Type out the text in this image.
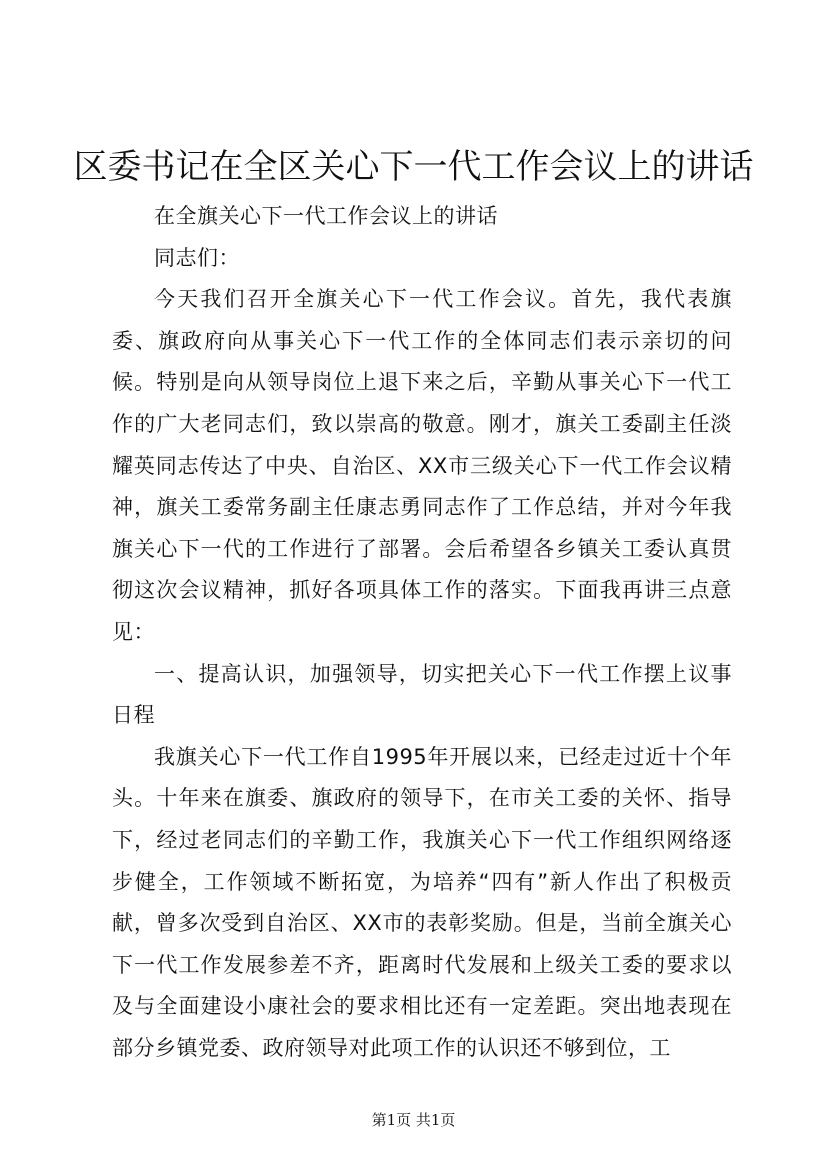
区委书记在全区关心下一代工作会议上的讲话

在全旗关心下一代工作会议上的讲话

同志们：

今天我们召开全旗关心下一代工作会议。首先，我代表旗委、旗政府向从事关心下一代工作的全体同志们表示亲切的问候。特别是向从领导岗位上退下来之后，辛勤从事关心下一代工作的广大老同志们，致以崇高的敬意。刚才，旗关工委副主任淡耀英同志传达了中央、自治区、XX市三级关心下一代工作会议精神，旗关工委常务副主任康志勇同志作了工作总结，并对今年我旗关心下一代的工作进行了部署。会后希望各乡镇关工委认真贯彻这次会议精神，抓好各项具体工作的落实。下面我再讲三点意见：

一、提高认识，加强领导，切实把关心下一代工作摆上议事日程

我旗关心下一代工作自1995年开展以来，已经走过近十个年头。十年来在旗委、旗政府的领导下，在市关工委的关怀、指导下，经过老同志们的辛勤工作，我旗关心下一代工作组织网络逐步健全，工作领域不断拓宽，为培养“四有”新人作出了积极贡献，曾多次受到自治区、XX市的表彰奖励。但是，当前全旗关心下一代工作发展参差不齐，距离时代发展和上级关工委的要求以及与全面建设小康社会的要求相比还有一定差距。突出地表现在部分乡镇党委、政府领导对此项工作的认识还不够到位，工

第1页 共1页
